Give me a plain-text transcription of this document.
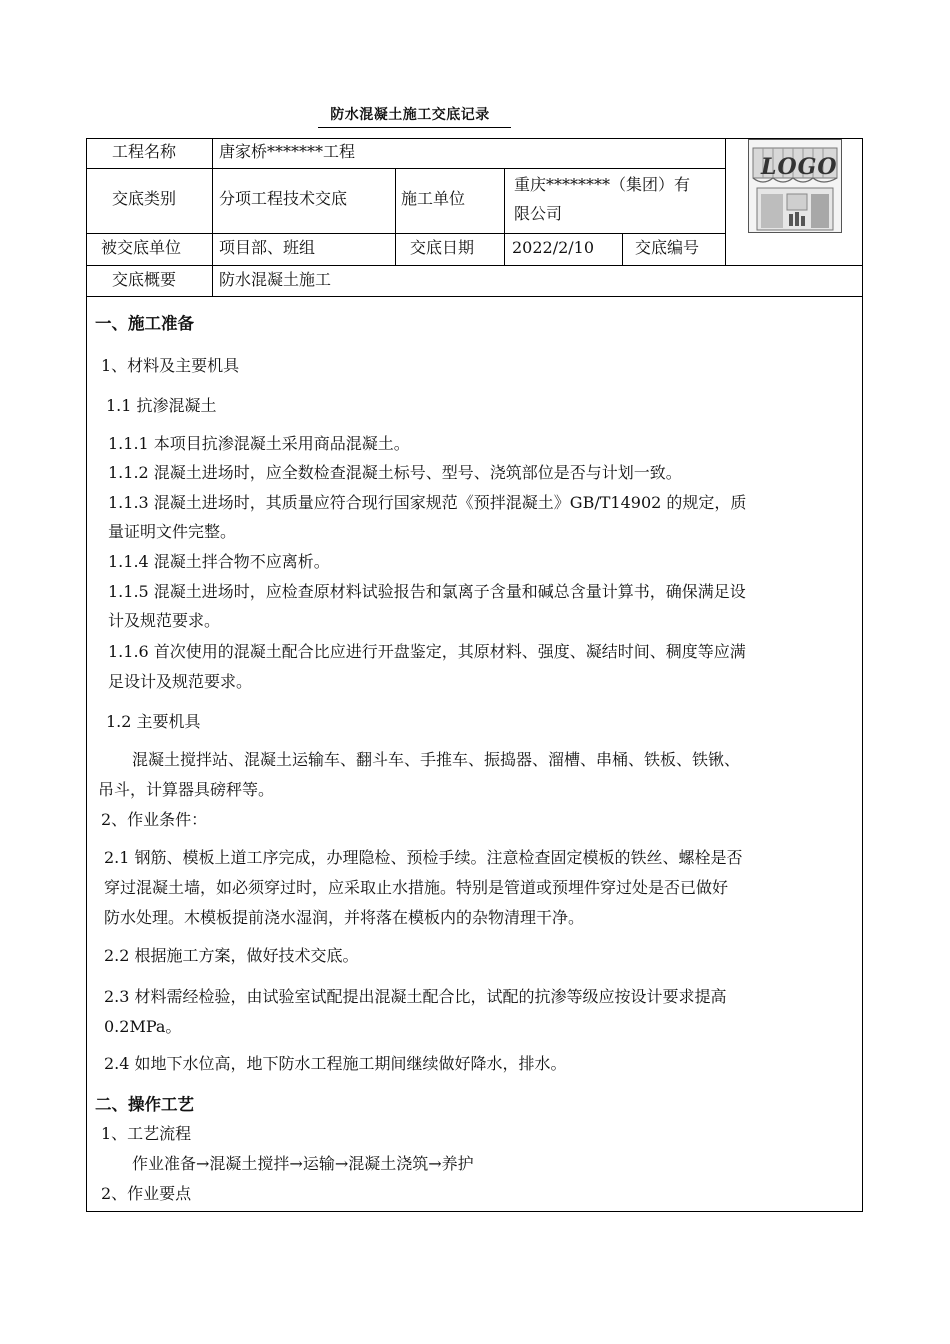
防水混凝土施工交底记录
工程名称	唐家桥*******工程
交底类别	分项工程技术交底	施工单位
重庆********（集团）有
限公司
被交底单位 项目部、班组	交底日期 2022/2/10	交底编号
交底概要	防水混凝土施工
LOGO
一、施工准备
1、材料及主要机具
1.1 抗渗混凝土
1.1.1 本项目抗渗混凝土采用商品混凝土。
1.1.2 混凝土进场时，应全数检查混凝土标号、型号、浇筑部位是否与计划一致。
1.1.3 混凝土进场时，其质量应符合现行国家规范《预拌混凝土》GB/T14902 的规定，质
量证明文件完整。
1.1.4 混凝土拌合物不应离析。
1.1.5 混凝土进场时，应检查原材料试验报告和氯离子含量和碱总含量计算书，确保满足设
计及规范要求。
1.1.6 首次使用的混凝土配合比应进行开盘鉴定，其原材料、强度、凝结时间、稠度等应满
足设计及规范要求。
1.2 主要机具
混凝土搅拌站、混凝土运输车、翻斗车、手推车、振捣器、溜槽、串桶、铁板、铁锹、
吊斗，计算器具磅秤等。
2、作业条件：
2.1 钢筋、模板上道工序完成，办理隐检、预检手续。注意检查固定模板的铁丝、螺栓是否
穿过混凝土墙，如必须穿过时，应采取止水措施。特别是管道或预埋件穿过处是否已做好
防水处理。木模板提前浇水湿润，并将落在模板内的杂物清理干净。
2.2 根据施工方案，做好技术交底。
2.3 材料需经检验，由试验室试配提出混凝土配合比，试配的抗渗等级应按设计要求提高
0.2MPa。
2.4 如地下水位高，地下防水工程施工期间继续做好降水，排水。
二、操作工艺
1、工艺流程
作业准备→混凝土搅拌→运输→混凝土浇筑→养护
2、作业要点
